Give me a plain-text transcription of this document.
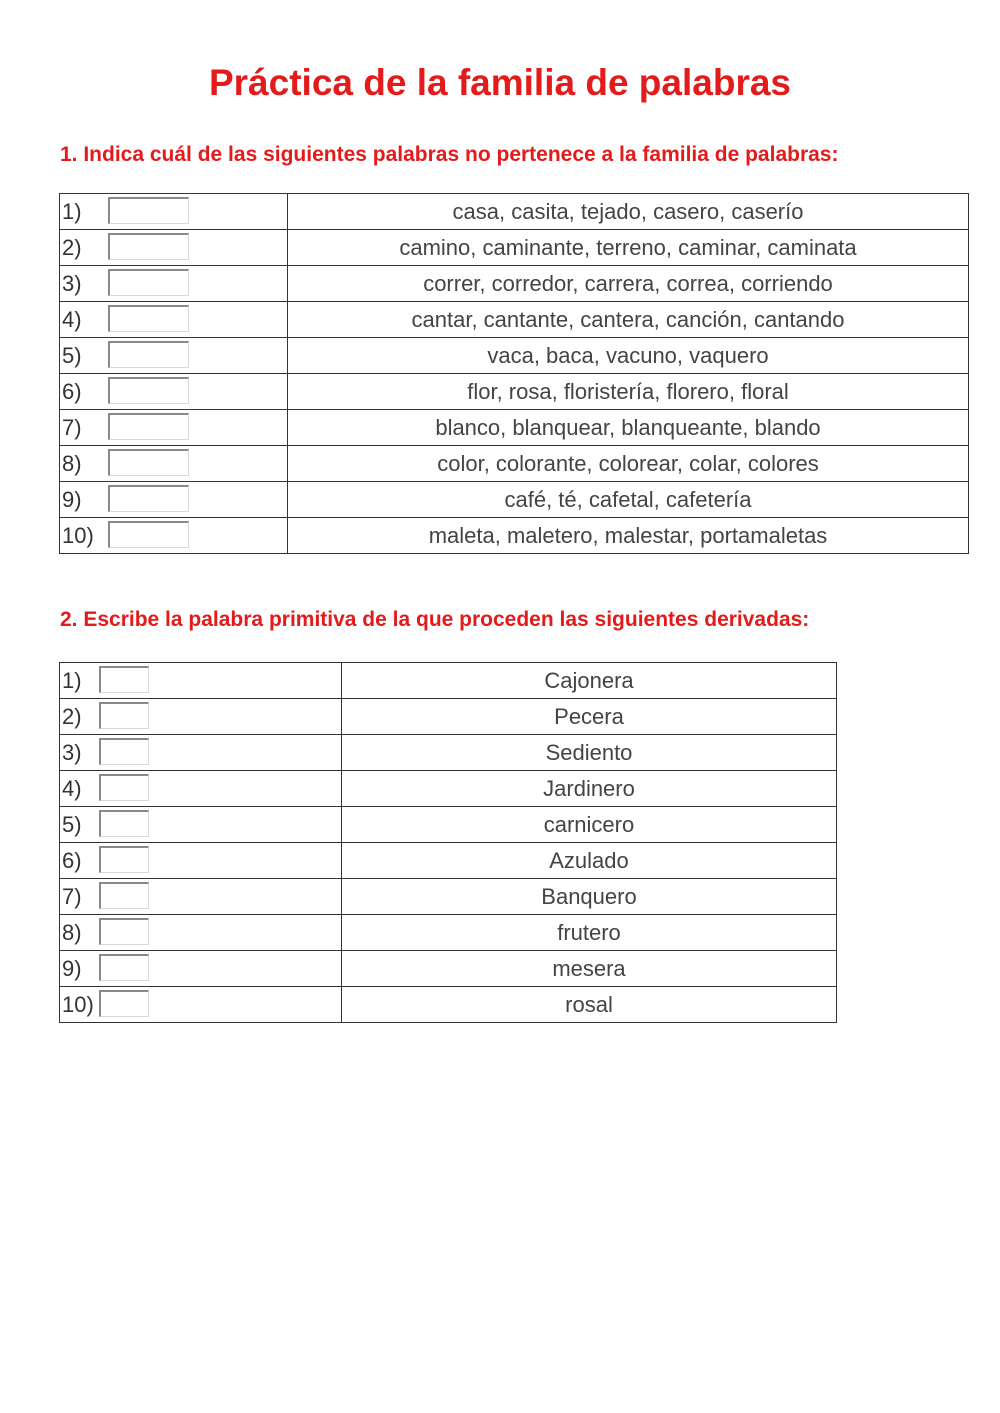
Práctica de la familia de palabras
1. Indica cuál de las siguientes palabras no pertenece a la familia de palabras:
1)		casa, casita, tejado, casero, caserío
2)		camino, caminante, terreno, caminar, caminata
3)		correr, corredor, carrera, correa, corriendo
4)		cantar, cantante, cantera, canción, cantando
5)		vaca, baca, vacuno, vaquero
6)		flor, rosa, floristería, florero, floral
7)		blanco, blanquear, blanqueante, blando
8)		color, colorante, colorear, colar, colores
9)		café, té, cafetal, cafetería
10)		maleta, maletero, malestar, portamaletas
2. Escribe la palabra primitiva de la que proceden las siguientes derivadas:
1)		Cajonera
2)		Pecera
3)		Sediento
4)		Jardinero
5)		carnicero
6)		Azulado
7)		Banquero
8)		frutero
9)		mesera
10)		rosal
